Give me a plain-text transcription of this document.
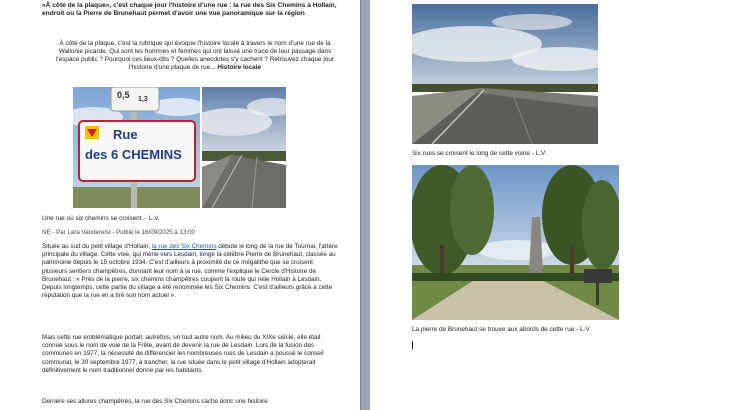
«À côté de la plaque», c'est chaque jour l'histoire d'une rue : la rue des Six Chemins à Hollain, endroit où la Pierre de Brunehaut permet d'avoir une vue panoramique sur la région
À côté de la plaque, c'est la rubrique qui évoque l'histoire locale à travers le nom d'une rue de la Wallonie picarde. Qui sont les hommes et femmes qui ont laissé une trace de leur passage dans l'espace public ? Pourquoi ces lieux-dits ? Quelles anecdotes s'y cachent ? Retrouvez chaque jour l'histoire d'une plaque de rue... Histoire locale
0,5 1,3
Rue
des 6 CHEMINS
Une rue où six chemins se croisent. - L.V.
NE - Par Lara Vanderelst - Publié le 16/09/2025 à 13:00
Située au sud du petit village d'Hollain, la rue des Six Chemins débute le long de la rue de Tournai, l'artère principale du village. Cette voie, qui mène vers Lesdain, longe la célèbre Pierre de Brunehaut, classée au patrimoine depuis le 15 octobre 1934. C'est d'ailleurs à proximité de ce mégalithe que se croisent plusieurs sentiers champêtres, donnant leur nom à la rue, comme l'explique le Cercle d'Histoire de Brunehaut : « Près de la pierre, six chemins champêtres coupent la route qui relie Hollain à Lesdain. Depuis longtemps, cette partie du village a été renommée les Six Chemins. C'est d'ailleurs grâce à cette réputation que la rue en a tiré son nom actuel ».
Mais cette rue emblématique portait, autrefois, un tout autre nom. Au milieu du XIXe siècle, elle était connue sous le nom de voie de la Frête, avant de devenir la rue de Lesdain. Lors de la fusion des communes en 1977, la nécessité de différencier les nombreuses rues de Lesdain a poussé le conseil communal, le 30 septembre 1977, à trancher, la rue située dans le petit village d'Hollain adopterait définitivement le nom traditionnel donné par les habitants.
Derrière ses allures champêtres, la rue des Six Chemins cache donc une histoire
Six rues se croisent le long de cette voirie - L.V
La pierre de Brunehaut se trouve aux abords de cette rue - L.V
